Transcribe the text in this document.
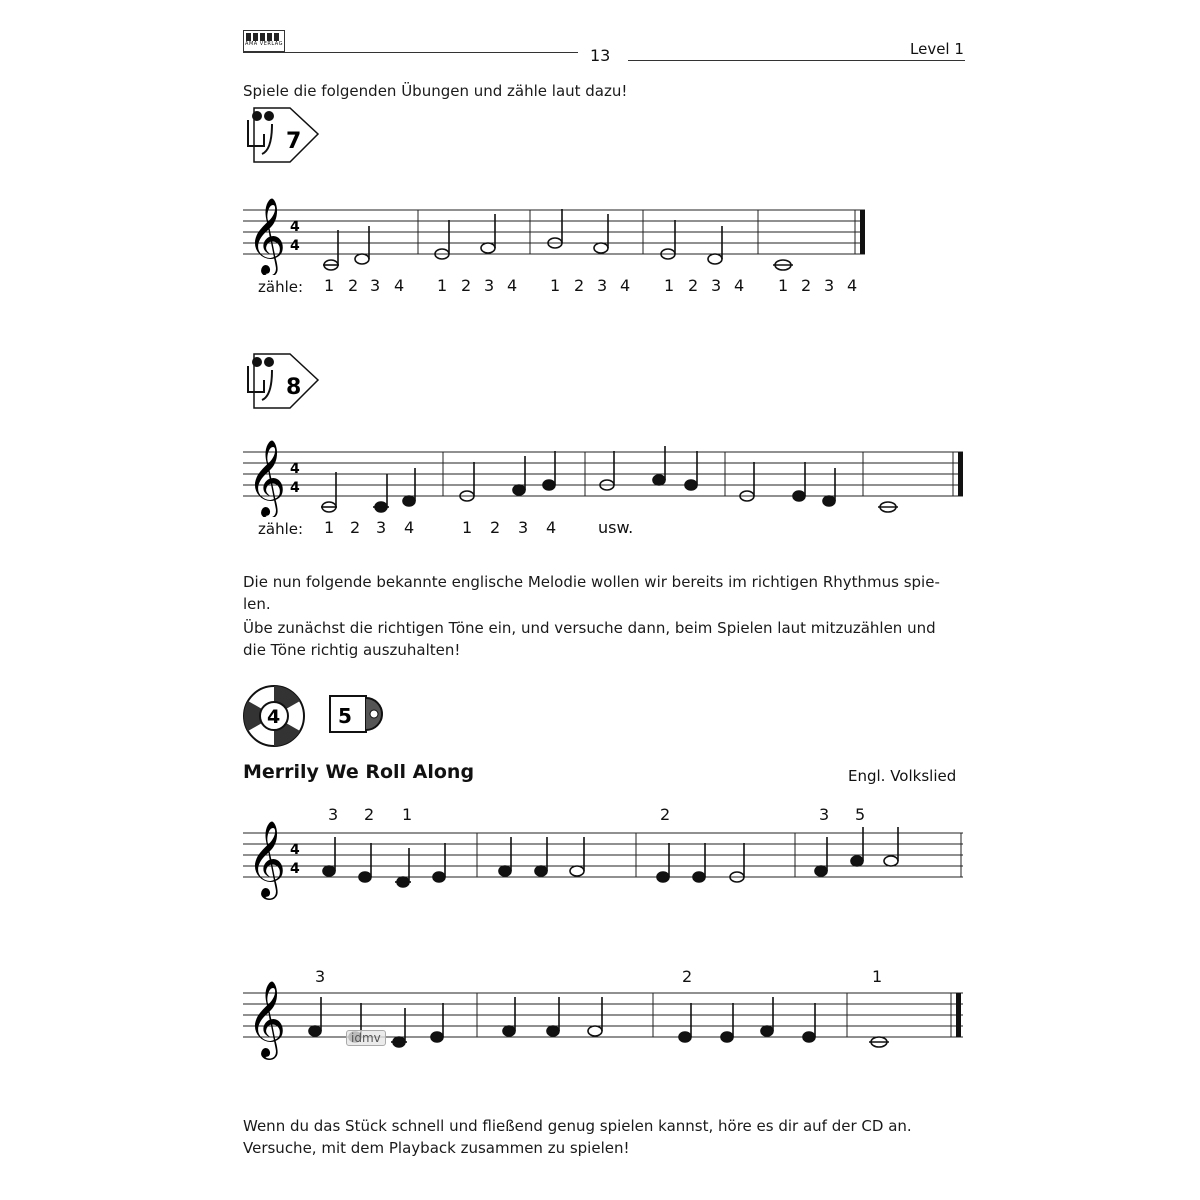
AMA VERLAG
13	Level 1
Spiele die folgenden Übungen und zähle laut dazu!
7
𝄞 4
4
zähle: 1 2 3 4 1 2 3 4 1 2 3 4 1 2 3 4 1 2 3 4
8
𝄞 4
4
zähle: 1 2 3 4	1 2 3 4	usw.
Die nun folgende bekannte englische Melodie wollen wir bereits im richtigen Rhythmus spie-
len.
Übe zunächst die richtigen Töne ein, und versuche dann, beim Spielen laut mitzuzählen und
die Töne richtig auszuhalten!
4	5
Merrily We Roll Along	Engl. Volkslied
3 2 1	2	3 5
𝄞 4
4
3	2	1
𝄞	idmv
Wenn du das Stück schnell und fließend genug spielen kannst, höre es dir auf der CD an.
Versuche, mit dem Playback zusammen zu spielen!
